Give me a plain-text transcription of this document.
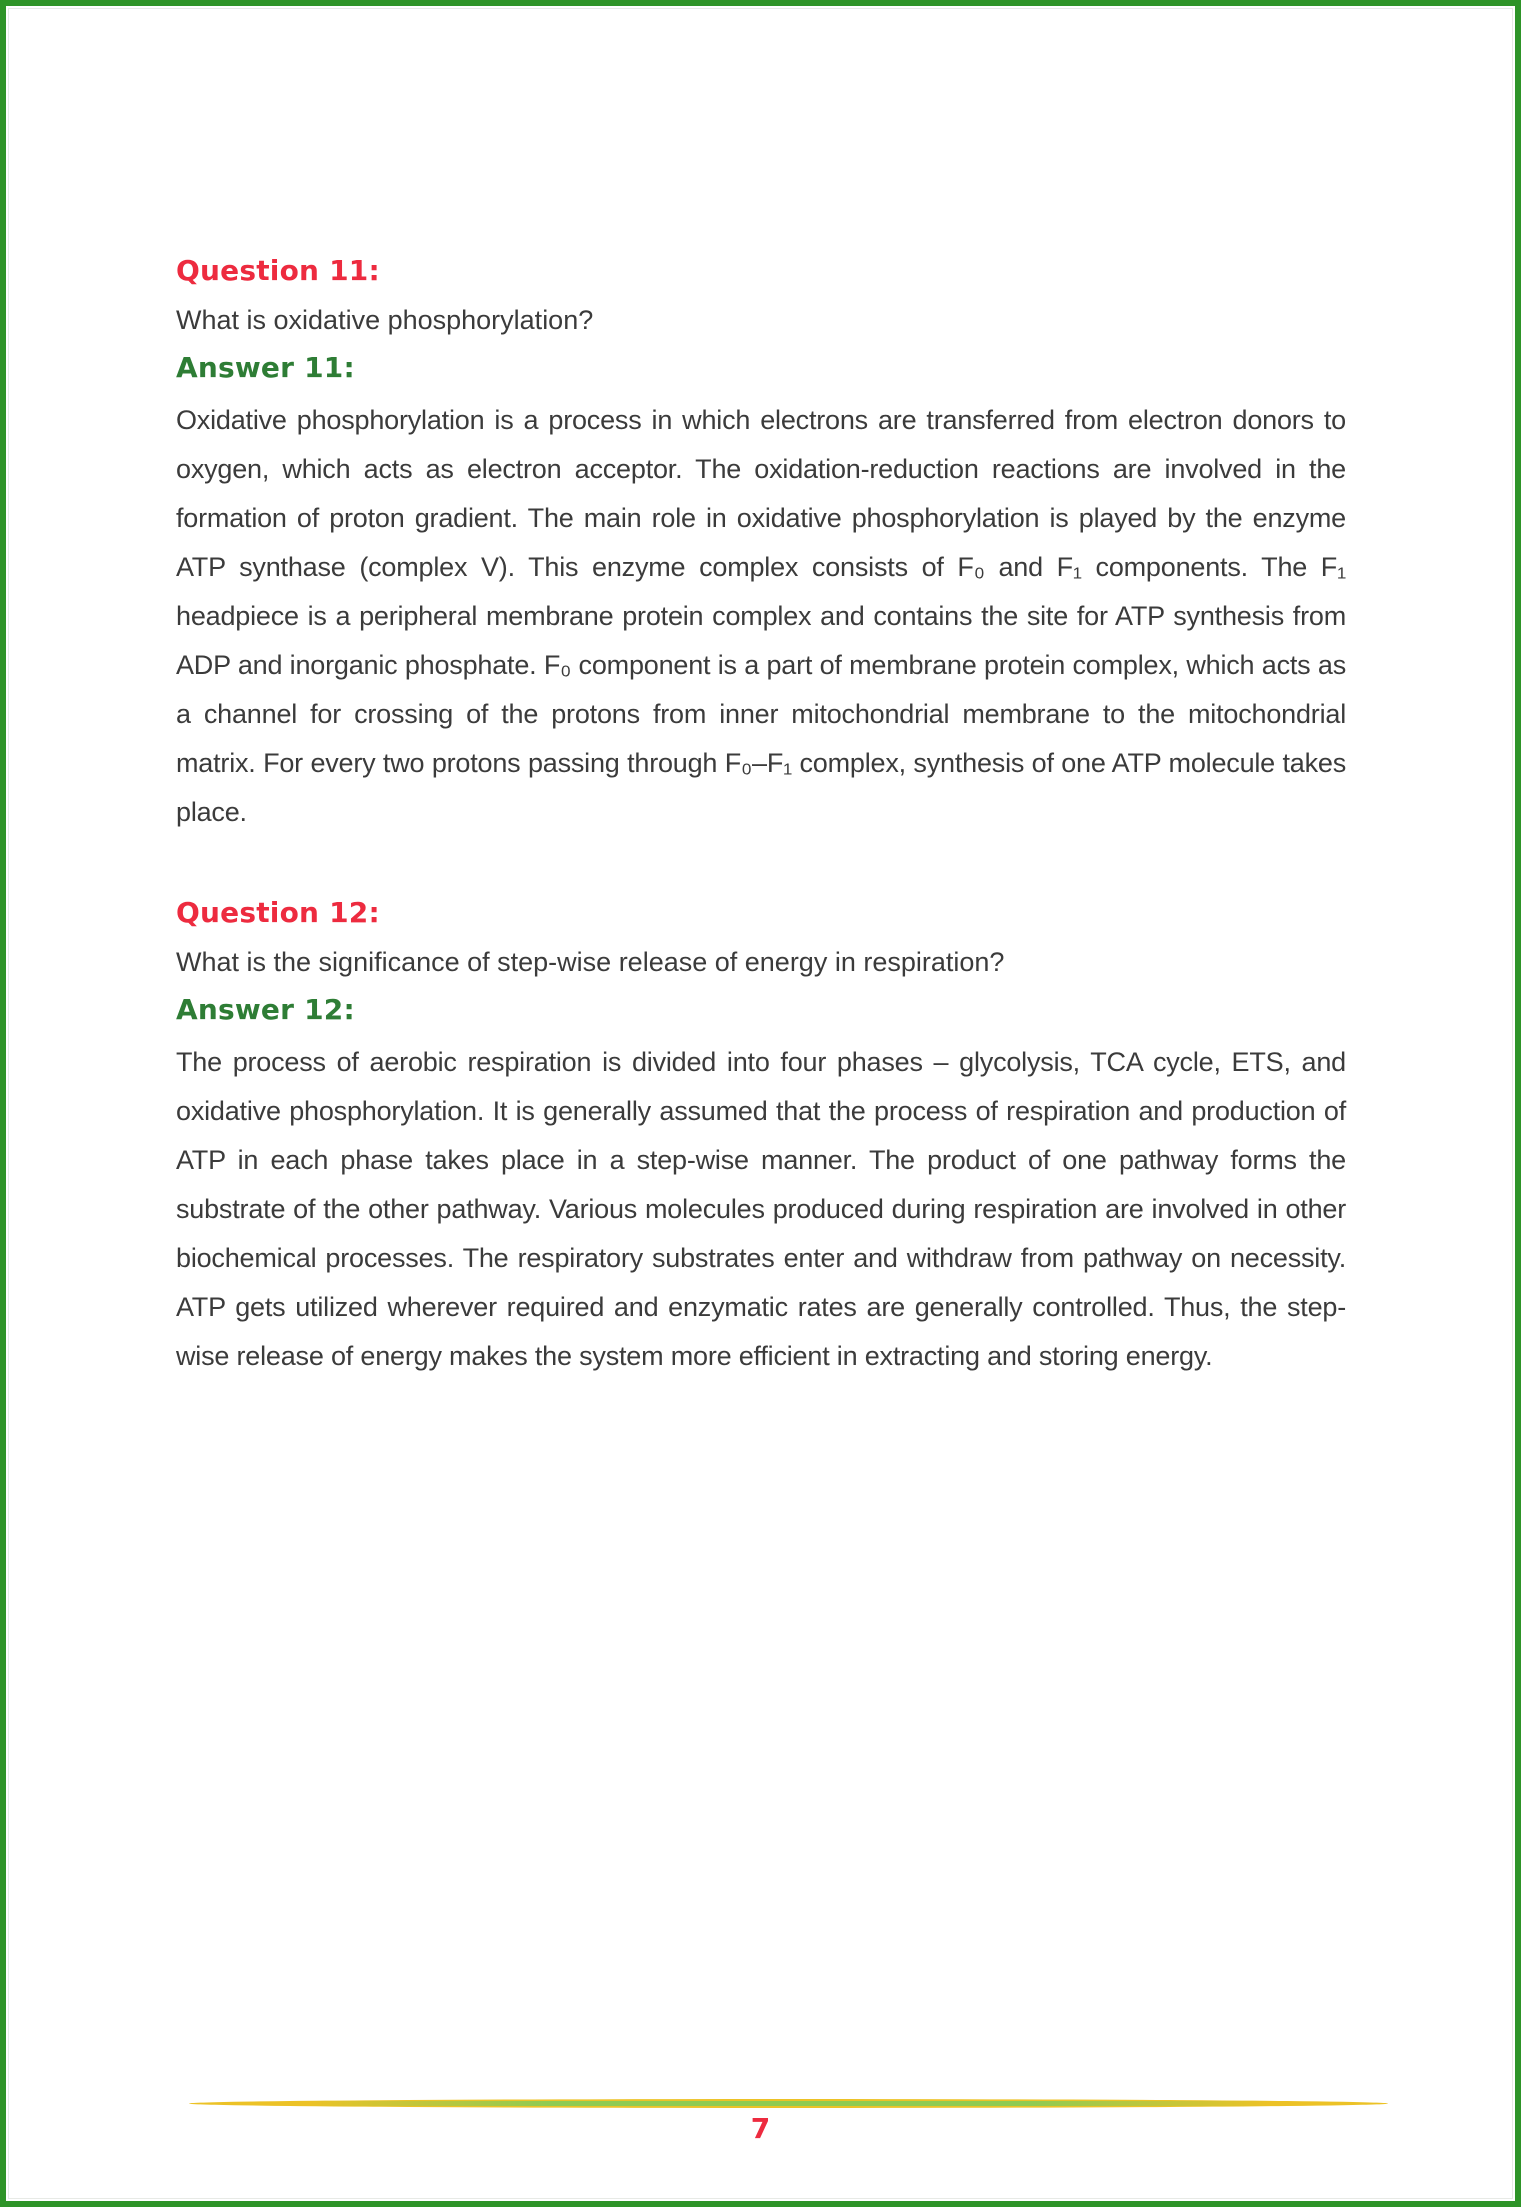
Question 11:

What is oxidative phosphorylation?

Answer 11:

Oxidative phosphorylation is a process in which electrons are transferred from electron donors to oxygen, which acts as electron acceptor. The oxidation-reduction reactions are involved in the formation of proton gradient. The main role in oxidative phosphorylation is played by the enzyme ATP synthase (complex V). This enzyme complex consists of F₀ and F₁ components. The F₁ headpiece is a peripheral membrane protein complex and contains the site for ATP synthesis from ADP and inorganic phosphate. F₀ component is a part of membrane protein complex, which acts as a channel for crossing of the protons from inner mitochondrial membrane to the mitochondrial matrix. For every two protons passing through F₀–F₁ complex, synthesis of one ATP molecule takes place.

Question 12:

What is the significance of step-wise release of energy in respiration?

Answer 12:

The process of aerobic respiration is divided into four phases – glycolysis, TCA cycle, ETS, and oxidative phosphorylation. It is generally assumed that the process of respiration and production of ATP in each phase takes place in a step-wise manner. The product of one pathway forms the substrate of the other pathway. Various molecules produced during respiration are involved in other biochemical processes. The respiratory substrates enter and withdraw from pathway on necessity. ATP gets utilized wherever required and enzymatic rates are generally controlled. Thus, the step-wise release of energy makes the system more efficient in extracting and storing energy.

7
